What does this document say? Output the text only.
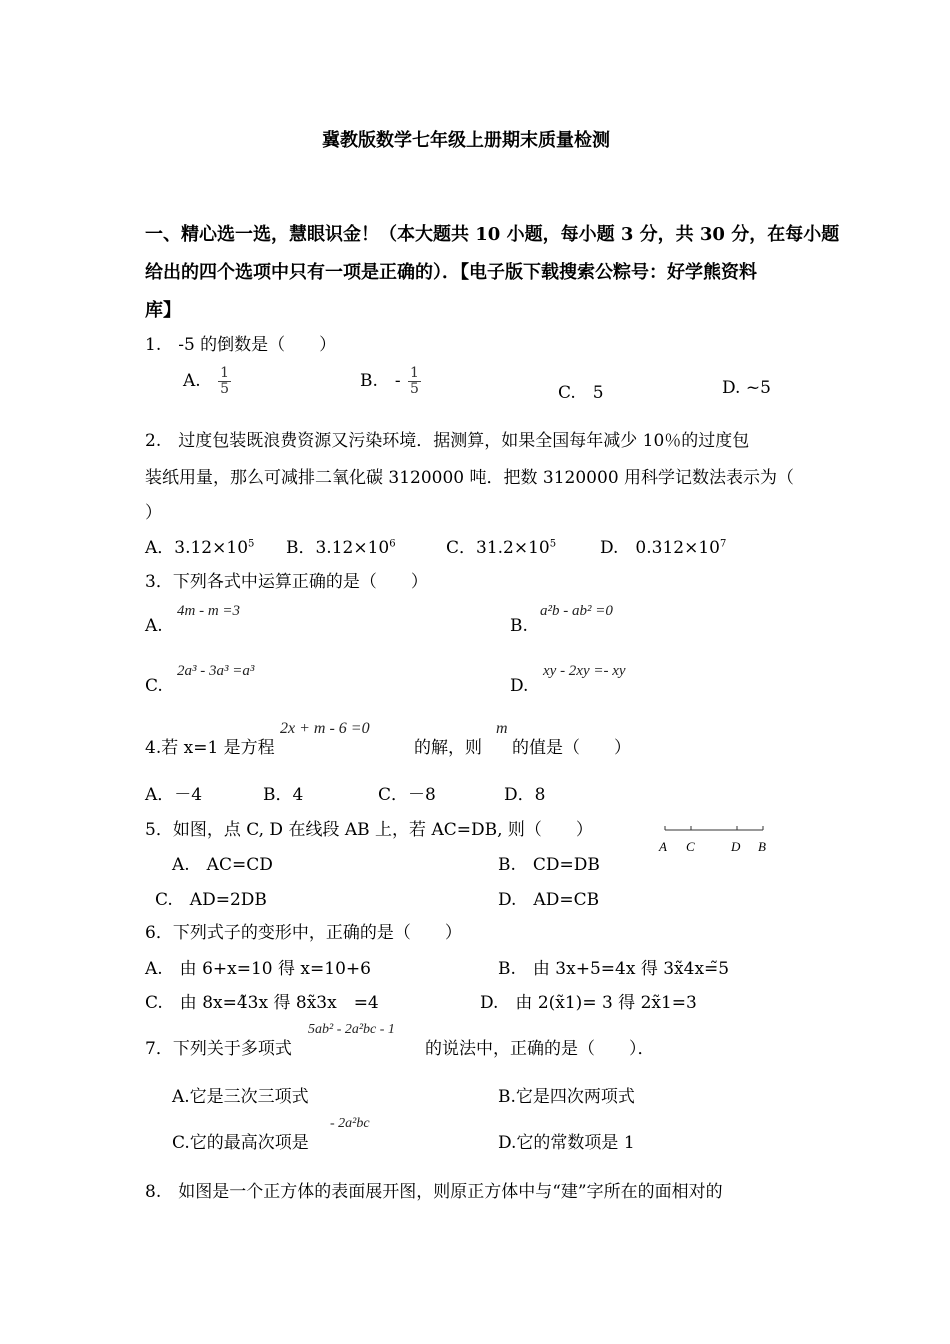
冀教版数学七年级上册期末质量检测
一、精心选一选，慧眼识金！（本大题共 10 小题，每小题 3 分，共 30 分，在每小题
给出的四个选项中只有一项是正确的）．【电子版下载搜索公粽号：好学熊资料
库】
1.　-5 的倒数是（　　）
A. $\frac{1}{5}$	B.　- $\frac{1}{5}$	C.　5	D. ~5
2.　过度包装既浪费资源又污染环境．据测算，如果全国每年减少 10％的过度包
装纸用量，那么可减排二氧化碳 3120000 吨．把数 3120000 用科学记数法表示为（
）
A．$3.12\times 10^5$ B．$3.12\times 10^6$	C．$31.2\times 10^5$	D.　$0.312\times 10^7$
3．下列各式中运算正确的是（　　）
A.
4m - m =3
B.
a²b - ab² =0
C.
2a³ - 3a³ =a³
D.
xy - 2xy =- xy
4.若 x=1 是方程
2x + m - 6 =0
的解，则
m
的值是（　　）
A．－4	B．4	C．－8	D．8
5．如图，点 C, D 在线段 AB 上，若 AC=DB, 则（　　）
A C	D B
A.　AC=CD	B.　CD=DB
C.　AD=2DB	D.　AD=CB
6．下列式子的变形中，正确的是（　　）
A.　由 6+x=10 得 x=10+6	B.　由 3x+5=4x 得 3x̃4x=̃5
C.　由 8x=4̃3x 得 8x̃3x　=4	D.　由 2(x̃1)= 3 得 2x̃1=3
7．下列关于多项式
5ab² - 2a²bc - 1
的说法中，正确的是（　　）．
A.它是三次三项式	B.它是四次两项式
C.它的最高次项是
- 2a²bc
D.它的常数项是 1
8.　如图是一个正方体的表面展开图，则原正方体中与“建”字所在的面相对的
